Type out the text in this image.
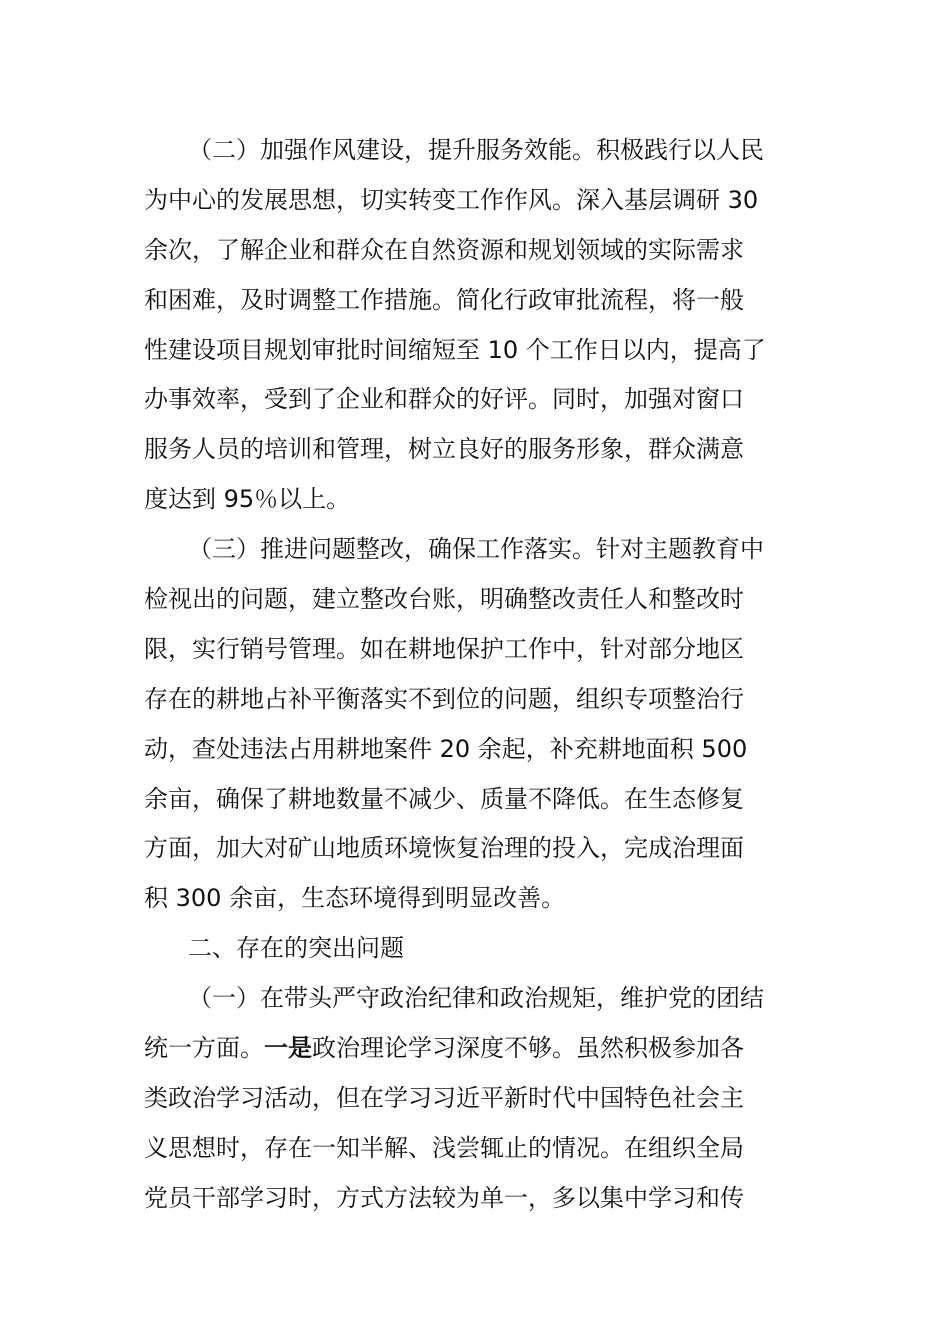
（二）加强作风建设，提升服务效能。积极践行以人民
为中心的发展思想，切实转变工作作风。深入基层调研 30
余次，了解企业和群众在自然资源和规划领域的实际需求
和困难，及时调整工作措施。简化行政审批流程，将一般
性建设项目规划审批时间缩短至 10 个工作日以内，提高了
办事效率，受到了企业和群众的好评。同时，加强对窗口
服务人员的培训和管理，树立良好的服务形象，群众满意
度达到 95％以上。
（三）推进问题整改，确保工作落实。针对主题教育中
检视出的问题，建立整改台账，明确整改责任人和整改时
限，实行销号管理。如在耕地保护工作中，针对部分地区
存在的耕地占补平衡落实不到位的问题，组织专项整治行
动，查处违法占用耕地案件 20 余起，补充耕地面积 500
余亩，确保了耕地数量不减少、质量不降低。在生态修复
方面，加大对矿山地质环境恢复治理的投入，完成治理面
积 300 余亩，生态环境得到明显改善。
二、存在的突出问题
（一）在带头严守政治纪律和政治规矩，维护党的团结
统一方面。一是政治理论学习深度不够。虽然积极参加各
类政治学习活动，但在学习习近平新时代中国特色社会主
义思想时，存在一知半解、浅尝辄止的情况。在组织全局
党员干部学习时，方式方法较为单一，多以集中学习和传
